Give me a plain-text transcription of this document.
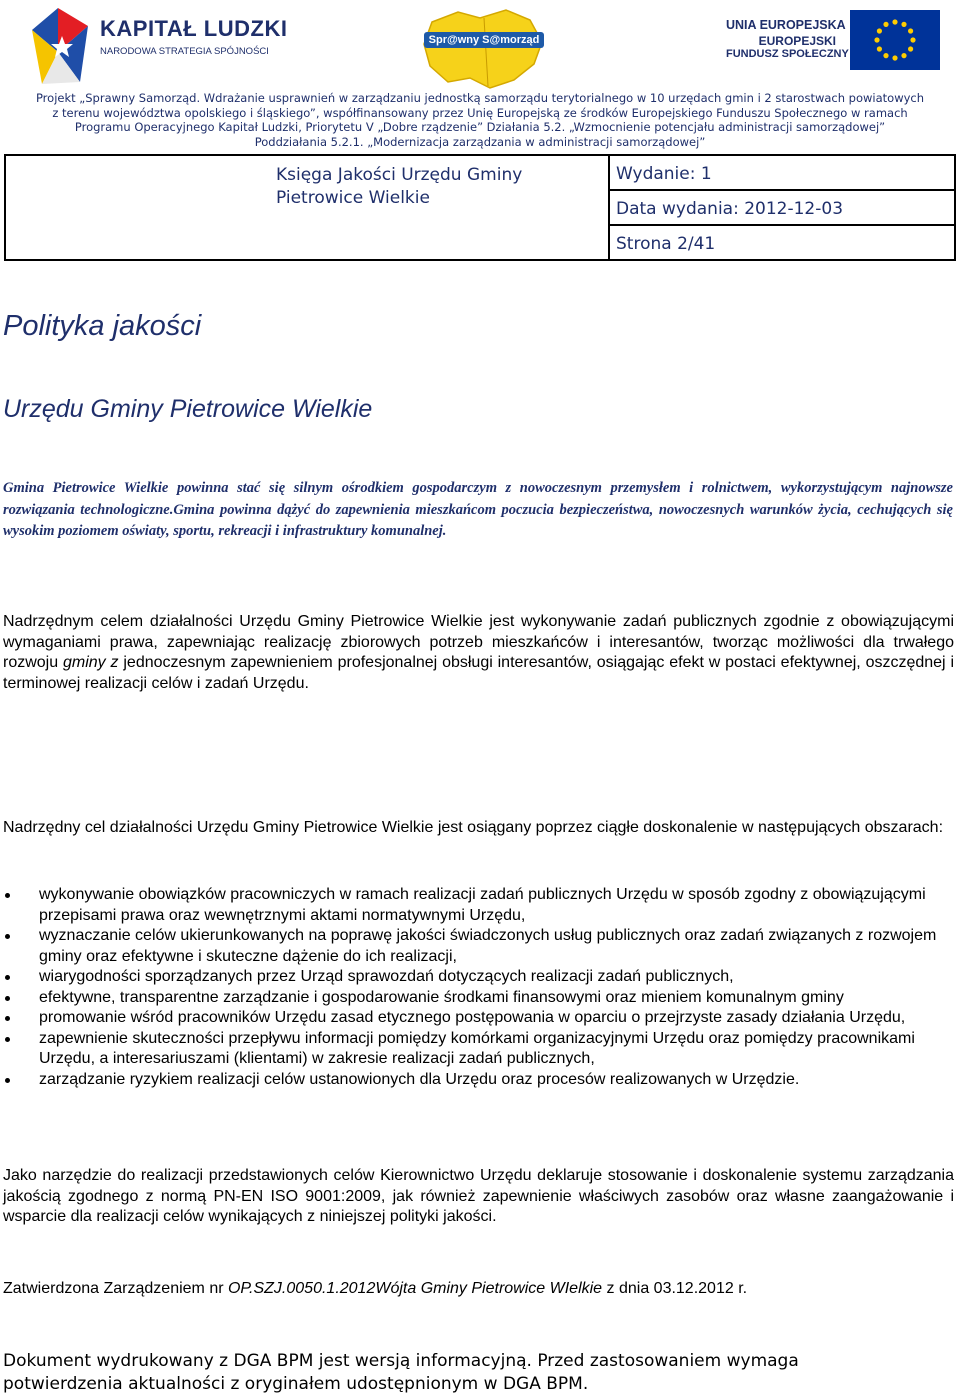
KAPITAŁ LUDZKI
NARODOWA STRATEGIA SPÓJNOŚCI
Spr@wny S@morząd
UNIA EUROPEJSKA
EUROPEJSKI
FUNDUSZ SPOŁECZNY
Projekt „Sprawny Samorząd. Wdrażanie usprawnień w zarządzaniu jednostką samorządu terytorialnego w 10 urzędach gmin i 2 starostwach powiatowych
z terenu województwa opolskiego i śląskiego”, współfinansowany przez Unię Europejską ze środków Europejskiego Funduszu Społecznego w ramach
Programu Operacyjnego Kapitał Ludzki, Priorytetu V „Dobre rządzenie” Działania 5.2. „Wzmocnienie potencjału administracji samorządowej”
Poddziałania 5.2.1. „Modernizacja zarządzania w administracji samorządowej”
Księga Jakości Urzędu Gminy
Pietrowice Wielkie
	Wydanie: 1
Data wydania: 2012-12-03
Strona 2/41
Polityka jakości
Urzędu Gminy Pietrowice Wielkie
Gmina Pietrowice Wielkie powinna stać się silnym ośrodkiem gospodarczym z nowoczesnym przemysłem i rolnictwem, wykorzystującym najnowsze rozwiązania technologiczne.Gmina powinna dążyć do zapewnienia mieszkańcom poczucia bezpieczeństwa, nowoczesnych warunków życia, cechujących się wysokim poziomem oświaty, sportu, rekreacji i infrastruktury komunalnej.
Nadrzędnym celem działalności Urzędu Gminy Pietrowice Wielkie jest wykonywanie zadań publicznych zgodnie z obowiązującymi wymaganiami prawa, zapewniając realizację zbiorowych potrzeb mieszkańców i interesantów, tworząc możliwości dla trwałego rozwoju gminy z jednoczesnym zapewnieniem profesjonalnej obsługi interesantów, osiągając efekt w postaci efektywnej, oszczędnej i terminowej realizacji celów i zadań Urzędu.
Nadrzędny cel działalności Urzędu Gminy Pietrowice Wielkie jest osiągany poprzez ciągłe doskonalenie w następujących obszarach:
wykonywanie obowiązków pracowniczych w ramach realizacji zadań publicznych Urzędu w sposób zgodny z obowiązującymi przepisami prawa oraz wewnętrznymi aktami normatywnymi Urzędu,
wyznaczanie celów ukierunkowanych na poprawę jakości świadczonych usług publicznych oraz zadań związanych z rozwojem gminy oraz efektywne i skuteczne dążenie do ich realizacji,
wiarygodności sporządzanych przez Urząd sprawozdań dotyczących realizacji zadań publicznych,
efektywne, transparentne zarządzanie i gospodarowanie środkami finansowymi oraz mieniem komunalnym gminy
promowanie wśród pracowników Urzędu zasad etycznego postępowania w oparciu o przejrzyste zasady działania Urzędu,
zapewnienie skuteczności przepływu informacji pomiędzy komórkami organizacyjnymi Urzędu oraz pomiędzy pracownikami Urzędu, a interesariuszami (klientami) w zakresie realizacji zadań publicznych,
zarządzanie ryzykiem realizacji celów ustanowionych dla Urzędu oraz procesów realizowanych w Urzędzie.
Jako narzędzie do realizacji przedstawionych celów Kierownictwo Urzędu deklaruje stosowanie i doskonalenie systemu zarządzania jakością zgodnego z normą PN-EN ISO 9001:2009, jak również zapewnienie właściwych zasobów oraz własne zaangażowanie i wsparcie dla realizacji celów wynikających z niniejszej polityki jakości.
Zatwierdzona Zarządzeniem nr OP.SZJ.0050.1.2012Wójta Gminy Pietrowice WIelkie z dnia 03.12.2012 r.
Dokument wydrukowany z DGA BPM jest wersją informacyjną. Przed zastosowaniem wymaga
potwierdzenia aktualności z oryginałem udostępnionym w DGA BPM.
